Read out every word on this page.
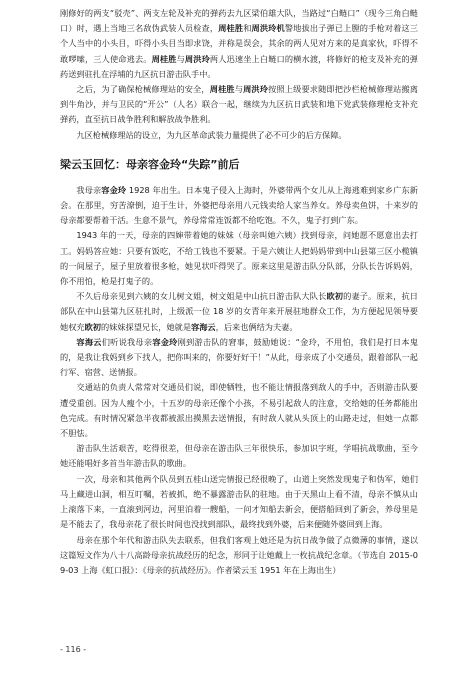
刚修好的两支“驳壳”、两支左轮及补充的弹药去九区梁伯雄大队，当路过“白鲢口”（现今三角白鲢口）时，遇上当地三名敌伪武装人员检查，周桂胜和周洪玲机警地拔出子弹已上膛的手枪对着这三个人当中的小头目，吓得小头目当即求饶，并称是误会，其余的两人见对方来的是真家伙，吓得不敢啰嗦，三人使命逃去。周桂胜与周洪玲两人迅速坐上白鲢口的横水渡，将修好的枪支及补充的弹药送到驻扎在浮埔的九区抗日游击队手中。

之后，为了确保枪械修理站的安全，周桂胜与周洪玲按照上级要求随即把沙栏枪械修理站搬离到牛角沙，并与卫民的“开公”（人名）联合一起，继续为九区抗日武装和地下党武装修理枪支补充弹药，直至抗日战争胜利和解放战争胜利。

九区枪械修理站的设立，为九区革命武装力量提供了必不可少的后方保障。

梁云玉回忆：母亲容金玲“失踪”前后

我母亲容金玲 1928 年出生。日本鬼子侵入上海时，外婆带两个女儿从上海逃难到家乡广东新会。在那里，穷苦潦倒，迫于生计，外婆把母亲用八元钱卖给人家当养女。养母卖鱼饼，十来岁的母亲都要帮着干活。生意不景气，养母常常连饭都不给吃饱。不久，鬼子打到广东。

1943 年的一天，母亲的四婶带着她的妹妹（母亲叫她六姨）找到母亲，问她愿不愿意出去打工。妈妈答应她：只要有饭吃，不给工钱也不要紧。于是六姨让人把妈妈带到中山县第三区小榄镇的一间屋子，屋子里放着很多枪，她见状吓得哭了。原来这里是游击队分队部，分队长告诉妈妈，你不用怕，枪是打鬼子的。

不久后母亲见到六姨的女儿树文姐，树文姐是中山抗日游击队大队长欧初的妻子。原来，抗日部队在中山县第九区驻扎时，上级派一位 18 岁的女青年来开展驻地群众工作，为方便起见领导要她权充欧初的妹妹探望兄长，她就是容海云，后来也俩结为夫妻。

容海云们听说我母亲容金玲刚到游击队的窘事，鼓励她说：“金玲，不用怕，我们是打日本鬼的，是我让我妈到乡下找人，把你叫来的，你要好好干！”从此，母亲成了小交通员，跟着部队一起行军、宿营、送情报。

交通站的负责人常常对交通员们说，即使牺牲，也不能让情报落到敌人的手中，否则游击队要遭受重创。因为人瘦个小，十五岁的母亲还像个小孩，不易引起敌人的注意，交给她的任务都能出色完成。有时情况紧急半夜都被派出摸黑去送情报，有时敌人就从头顶上的山路走过，但她一点都不胆怯。

游击队生活艰苦，吃得很差，但母亲在游击队三年很快乐，参加识字班，学唱抗战歌曲，至今她还能唱好多首当年游击队的歌曲。

一次，母亲和其他两个队员到五桂山送完情报已经很晚了，山道上突然发现鬼子和伪军，她们马上藏进山洞，相互叮嘱，若被抓，绝不暴露游击队的驻地。由于天黑山上看不清，母亲不慎从山上滚落下来，一直滚到河边，河里泊着一艘船，一问才知船去新会，便搭船回到了新会，养母里是是不能去了，我母亲花了很长时间也没找到部队，最终找到外婆，后来便随外婆回到上海。

母亲在那个年代和游击队失去联系，但我们客观上她还是为抗日战争做了点微薄的事情，遂以这篇短文作为八十八高龄母亲抗战经历的纪念，形同于让她戴上一枚抗战纪念章。（节选自 2015-09-03 上海《虹口报》：《母亲的抗战经历》。作者梁云玉 1951 年在上海出生）

- 116 -
